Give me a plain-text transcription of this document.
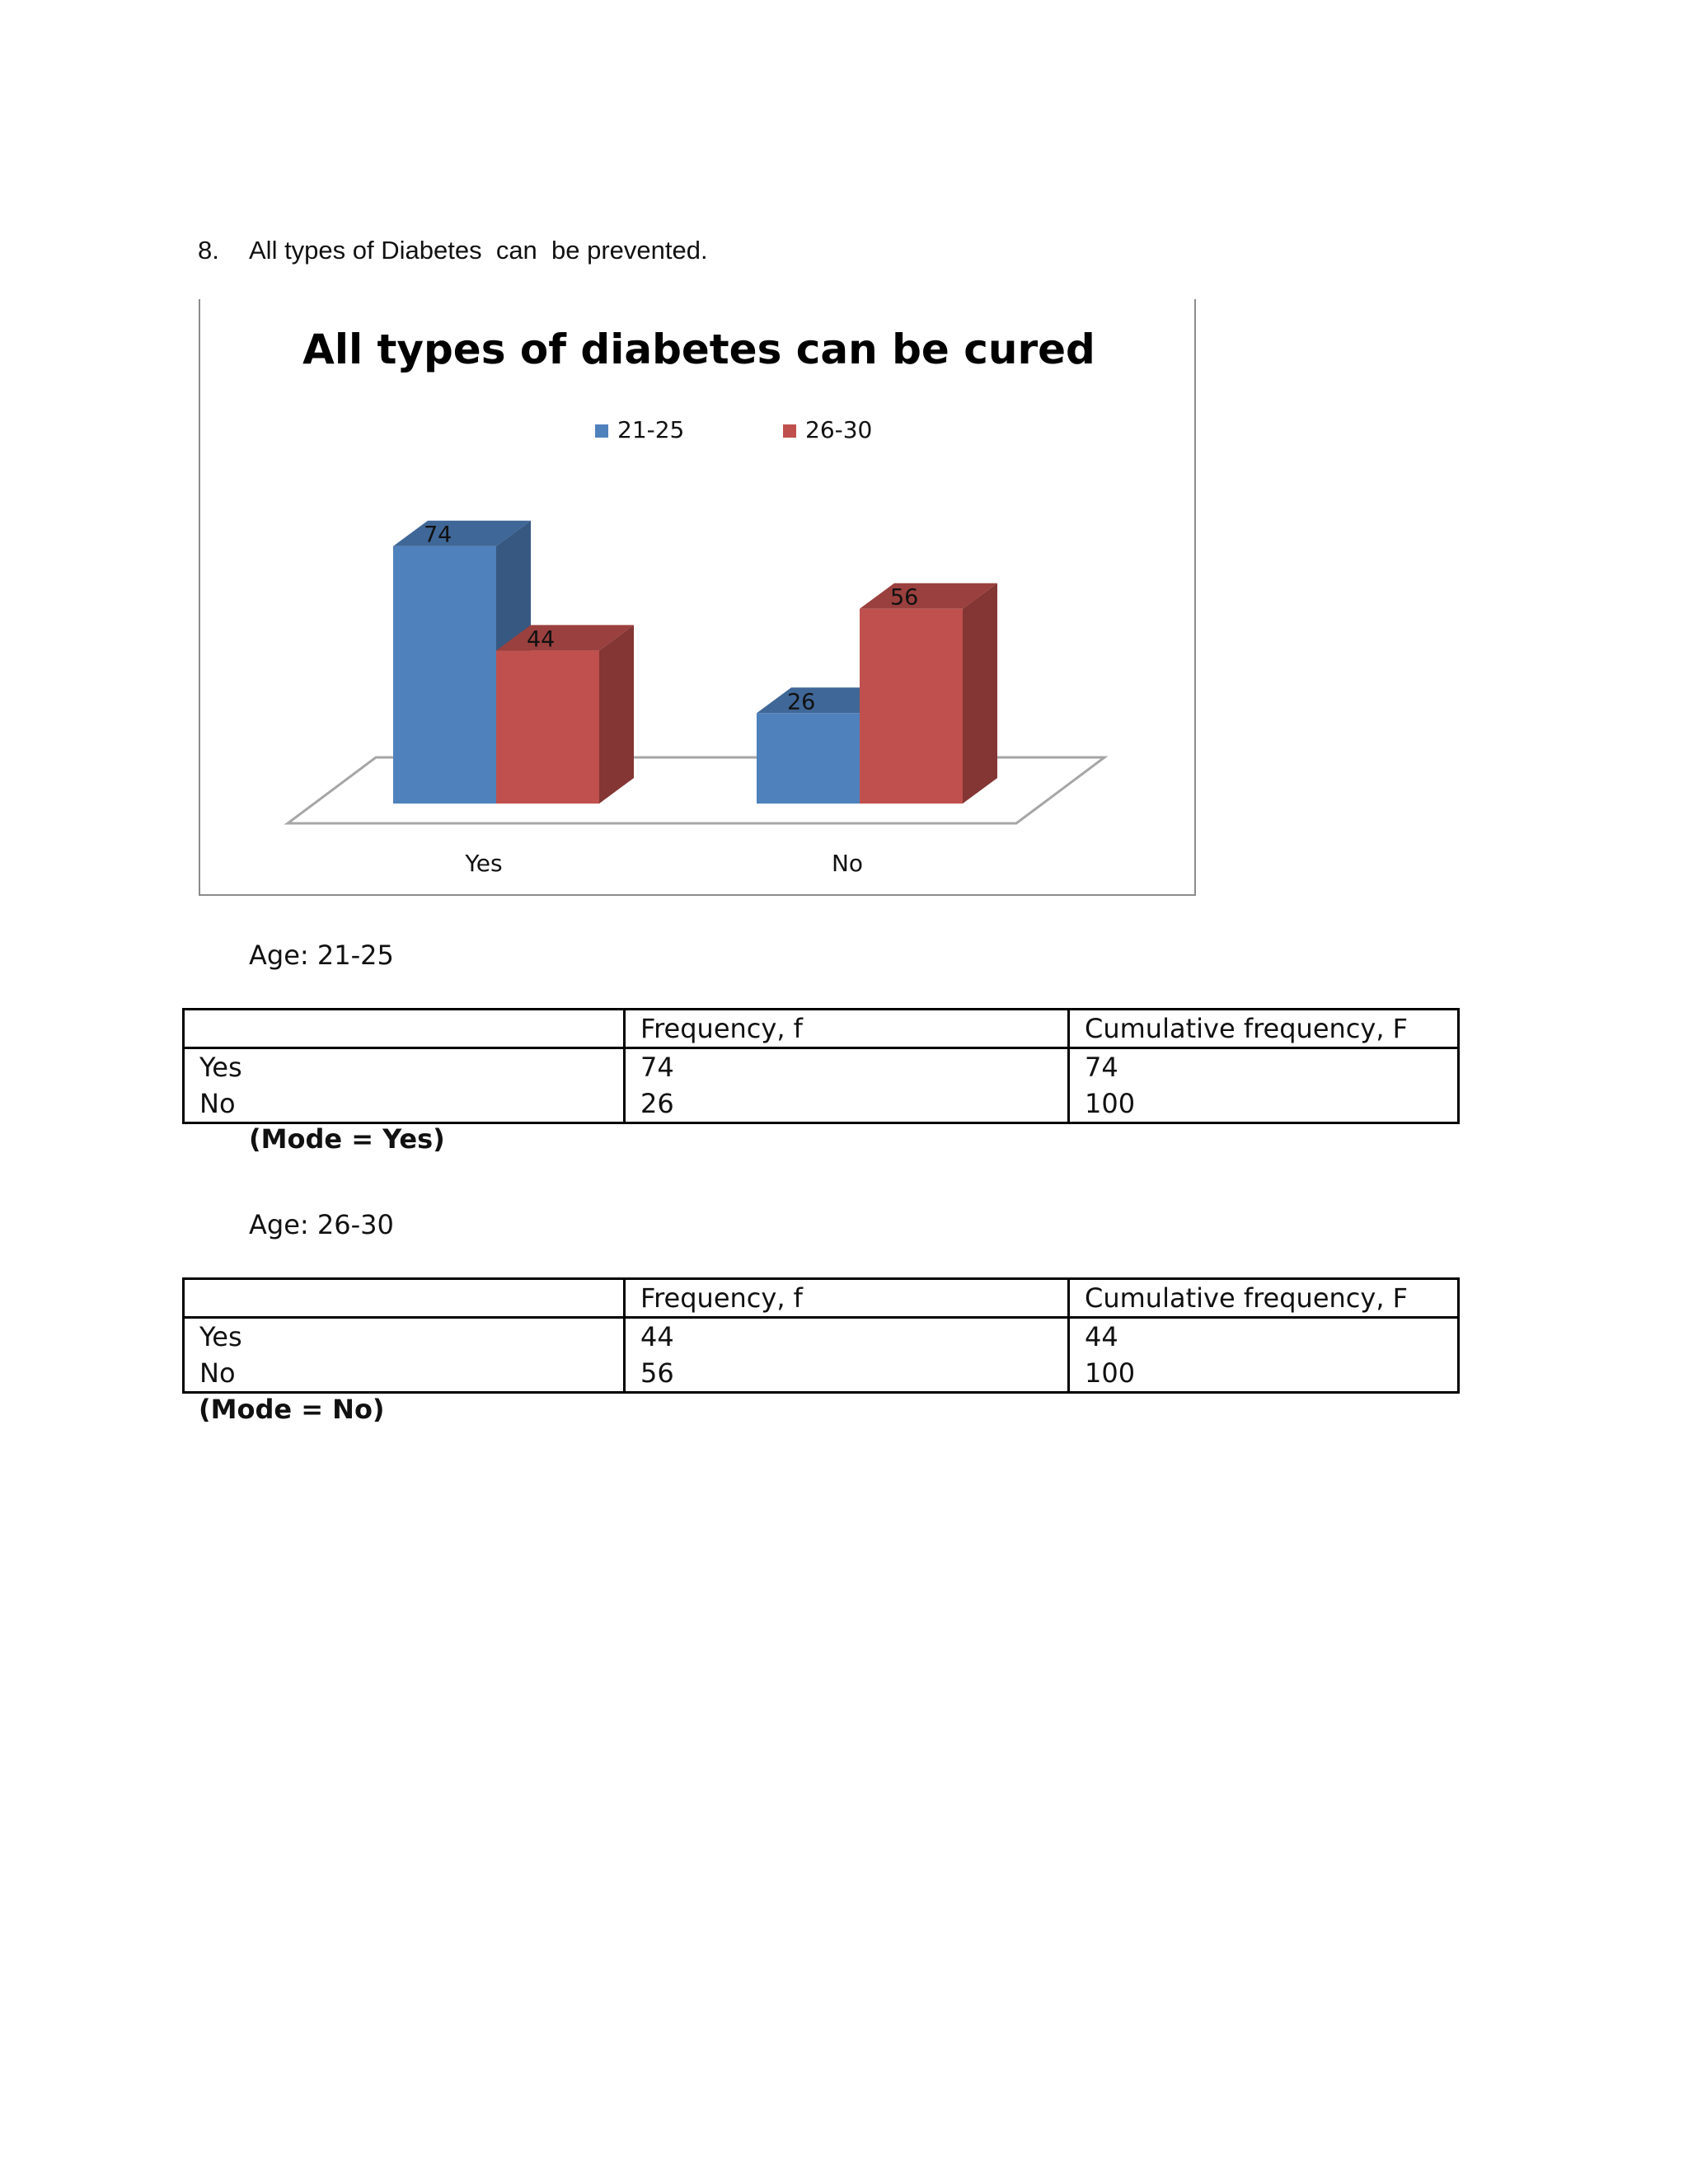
8. All types of Diabetes  can  be prevented.
All types of diabetes can be cured
21-25	26-30
74
44
26
56
Yes	No
Age: 21-25
	Frequency, f	Cumulative frequency, F
Yes	74	74
No	26	100
(Mode = Yes)
Age: 26-30
	Frequency, f	Cumulative frequency, F
Yes	44	44
No	56	100
(Mode = No)
